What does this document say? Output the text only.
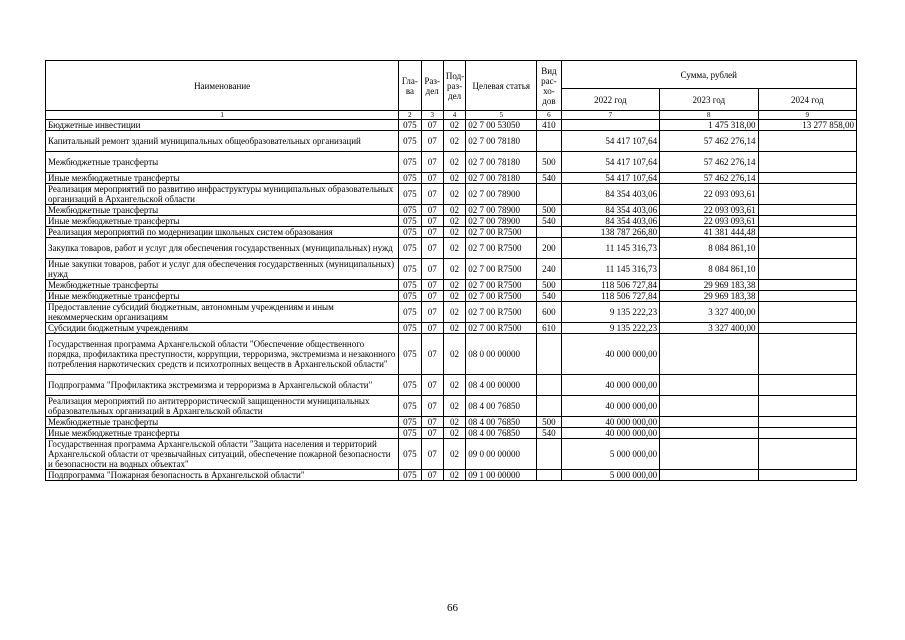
Наименование	Гла-ва	Раз-дел	Под-раз-дел	Целевая статья	Вид рас-хо-дов	Сумма, рублей		
						2022 год	2023 год	2024 год
1	2	3	4	5	6	7	8	9
Бюджетные инвестиции	075	07	02	02 7 00 53050	410		1 475 318,00	13 277 858,00
Капитальный ремонт зданий муниципальных общеобразовательных организаций	075	07	02	02 7 00 78180		54 417 107,64	57 462 276,14	
Межбюджетные трансферты	075	07	02	02 7 00 78180	500	54 417 107,64	57 462 276,14	
Иные межбюджетные трансферты	075	07	02	02 7 00 78180	540	54 417 107,64	57 462 276,14	
Реализация мероприятий по развитию инфраструктуры муниципальных образовательных организаций в Архангельской области	075	07	02	02 7 00 78900		84 354 403,06	22 093 093,61	
Межбюджетные трансферты	075	07	02	02 7 00 78900	500	84 354 403,06	22 093 093,61	
Иные межбюджетные трансферты	075	07	02	02 7 00 78900	540	84 354 403,06	22 093 093,61	
Реализация мероприятий по модернизации школьных систем образования	075	07	02	02 7 00 R7500		138 787 266,80	41 381 444,48	
Закупка товаров, работ и услуг для обеспечения государственных (муниципальных) нужд	075	07	02	02 7 00 R7500	200	11 145 316,73	8 084 861,10	
Иные закупки товаров, работ и услуг для обеспечения государственных (муниципальных) нужд	075	07	02	02 7 00 R7500	240	11 145 316,73	8 084 861,10	
Межбюджетные трансферты	075	07	02	02 7 00 R7500	500	118 506 727,84	29 969 183,38	
Иные межбюджетные трансферты	075	07	02	02 7 00 R7500	540	118 506 727,84	29 969 183,38	
Предоставление субсидий бюджетным, автономным учреждениям и иным некоммерческим организациям	075	07	02	02 7 00 R7500	600	9 135 222,23	3 327 400,00	
Субсидии бюджетным учреждениям	075	07	02	02 7 00 R7500	610	9 135 222,23	3 327 400,00	
Государственная программа Архангельской области "Обеспечение общественного порядка, профилактика преступности, коррупции, терроризма, экстремизма и незаконного потребления наркотических средств и психотропных веществ в Архангельской области"	075	07	02	08 0 00 00000		40 000 000,00		
Подпрограмма "Профилактика экстремизма и терроризма в Архангельской области"	075	07	02	08 4 00 00000		40 000 000,00		
Реализация мероприятий по антитеррористической защищенности муниципальных образовательных организаций в Архангельской области	075	07	02	08 4 00 76850		40 000 000,00		
Межбюджетные трансферты	075	07	02	08 4 00 76850	500	40 000 000,00		
Иные межбюджетные трансферты	075	07	02	08 4 00 76850	540	40 000 000,00		
Государственная программа Архангельской области "Защита населения и территорий Архангельской области от чрезвычайных ситуаций, обеспечение пожарной безопасности и безопасности на водных объектах"	075	07	02	09 0 00 00000		5 000 000,00		
Подпрограмма "Пожарная безопасность в Архангельской области"	075	07	02	09 1 00 00000		5 000 000,00		
66
